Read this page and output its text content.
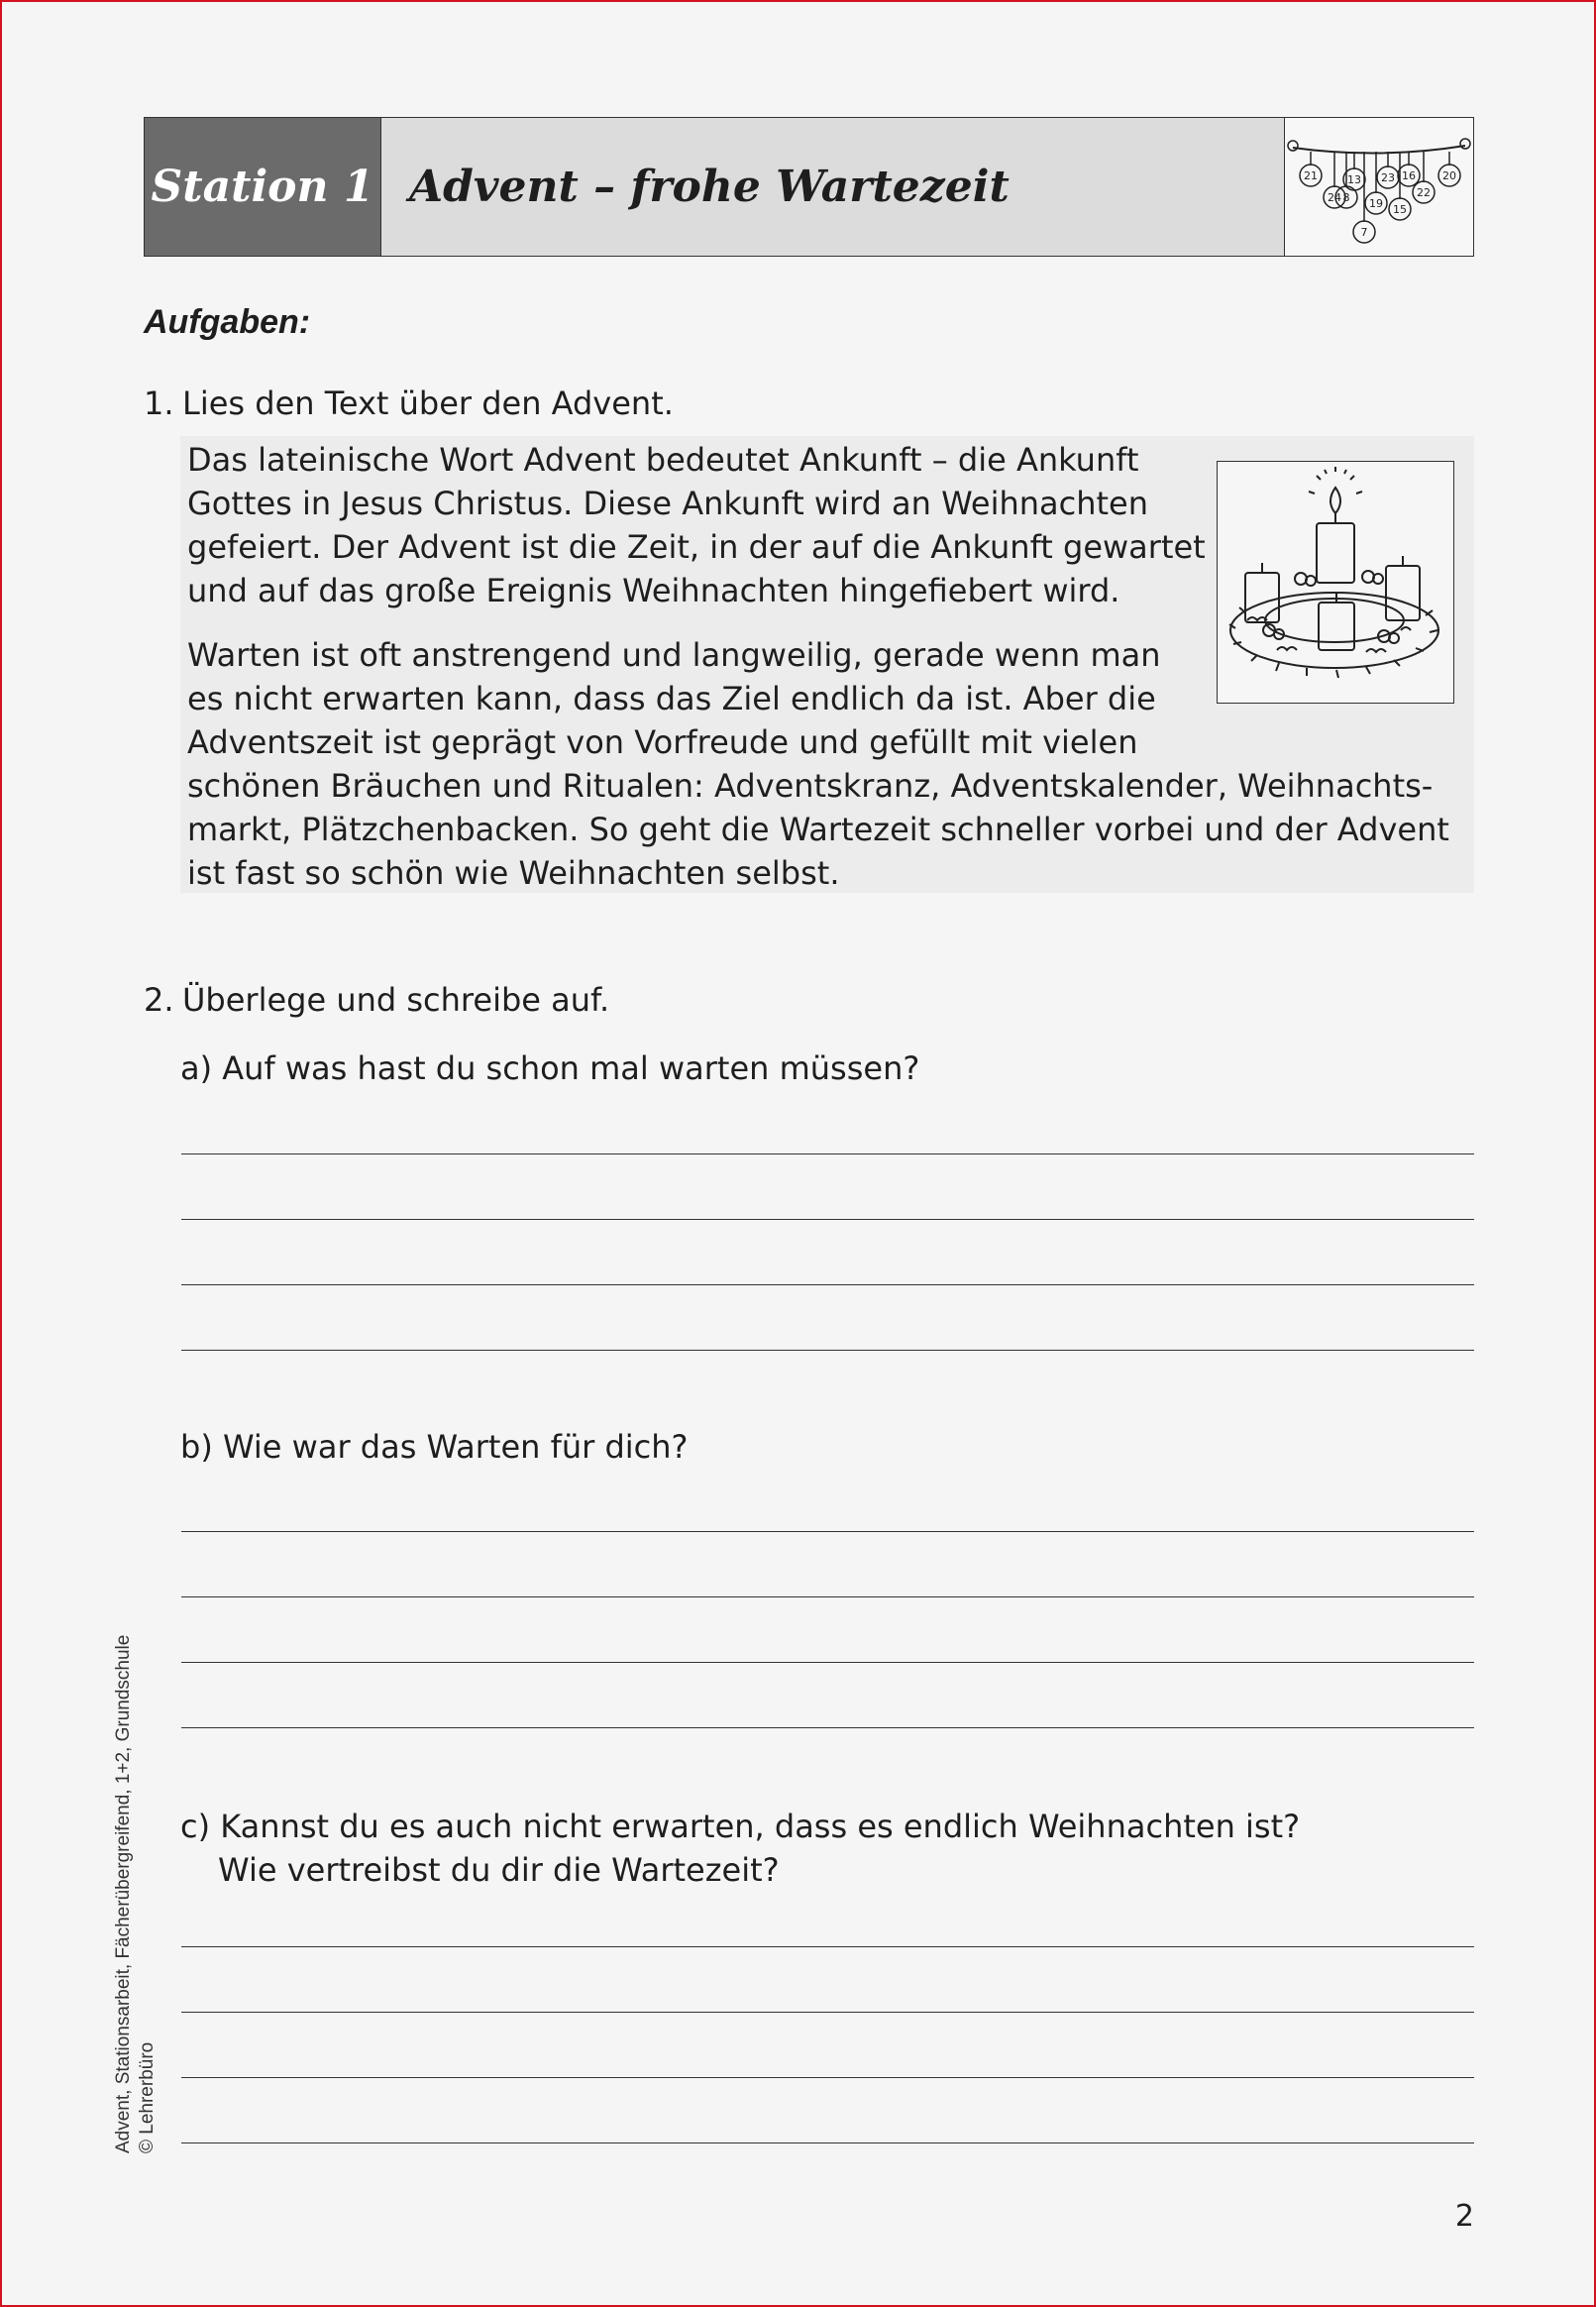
Station 1 Advent – frohe Wartezeit	21	13 23 16 20
24 8 19
22
15
7
Aufgaben:
1. Lies den Text über den Advent.

Das lateinische Wort Advent bedeutet Ankunft – die Ankunft
Gottes in Jesus Christus. Diese Ankunft wird an Weihnachten
gefeiert. Der Advent ist die Zeit, in der auf die Ankunft gewartet
und auf das große Ereignis Weihnachten hingefiebert wird.

Warten ist oft anstrengend und langweilig, gerade wenn man
es nicht erwarten kann, dass das Ziel endlich da ist. Aber die
Adventszeit ist geprägt von Vorfreude und gefüllt mit vielen
schönen Bräuchen und Ritualen: Adventskranz, Adventskalender, Weihnachts-
markt, Plätzchenbacken. So geht die Wartezeit schneller vorbei und der Advent
ist fast so schön wie Weihnachten selbst.

2. Überlege und schreibe auf.
a) Auf was hast du schon mal warten müssen?
b) Wie war das Warten für dich?
c) Kannst du es auch nicht erwarten, dass es endlich Weihnachten ist?
Wie vertreibst du dir die Wartezeit?
Advent, Stationsarbeit, Fächerübergreifend, 1+2, Grundschule © Lehrerbüro
2
